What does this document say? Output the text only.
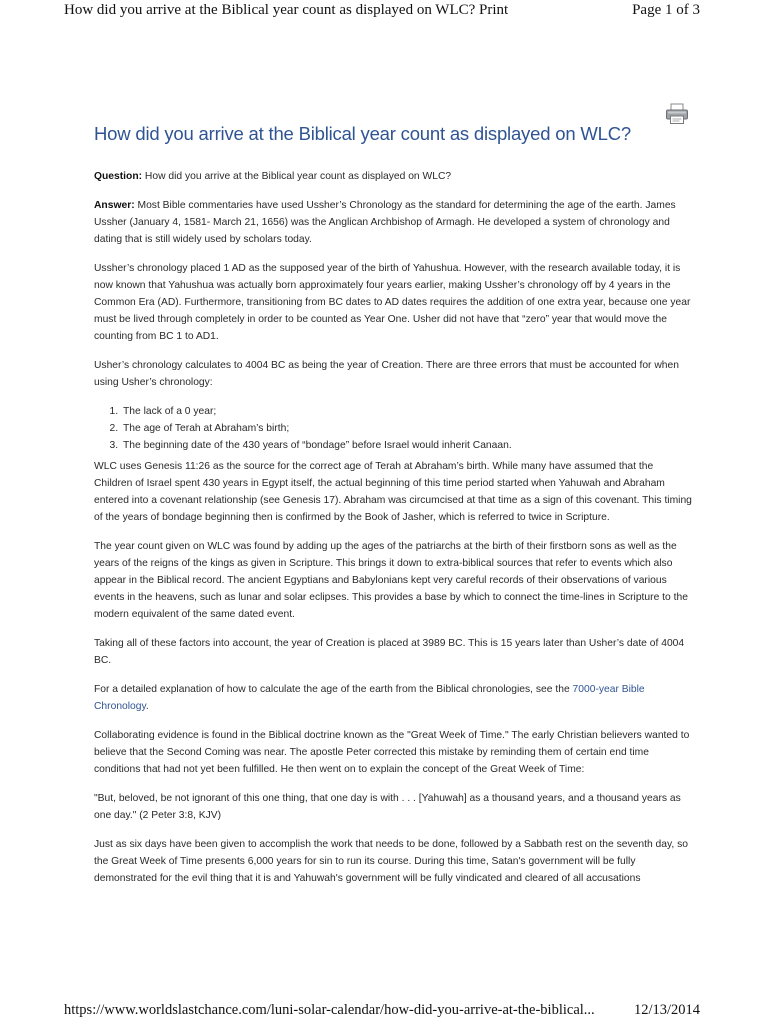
How did you arrive at the Biblical year count as displayed on WLC? Print	Page 1 of 3
How did you arrive at the Biblical year count as displayed on WLC?

Question: How did you arrive at the Biblical year count as displayed on WLC?

Answer: Most Bible commentaries have used Ussher’s Chronology as the standard for determining the age of the earth. James Ussher (January 4, 1581- March 21, 1656) was the Anglican Archbishop of Armagh. He developed a system of chronology and dating that is still widely used by scholars today.

Ussher’s chronology placed 1 AD as the supposed year of the birth of Yahushua. However, with the research available today, it is now known that Yahushua was actually born approximately four years earlier, making Ussher’s chronology off by 4 years in the Common Era (AD). Furthermore, transitioning from BC dates to AD dates requires the addition of one extra year, because one year must be lived through completely in order to be counted as Year One. Usher did not have that “zero” year that would move the counting from BC 1 to AD1.

Usher’s chronology calculates to 4004 BC as being the year of Creation. There are three errors that must be accounted for when using Usher’s chronology:

1. The lack of a 0 year;
2. The age of Terah at Abraham’s birth;
3. The beginning date of the 430 years of “bondage” before Israel would inherit Canaan.

WLC uses Genesis 11:26 as the source for the correct age of Terah at Abraham’s birth. While many have assumed that the Children of Israel spent 430 years in Egypt itself, the actual beginning of this time period started when Yahuwah and Abraham entered into a covenant relationship (see Genesis 17). Abraham was circumcised at that time as a sign of this covenant. This timing of the years of bondage beginning then is confirmed by the Book of Jasher, which is referred to twice in Scripture.

The year count given on WLC was found by adding up the ages of the patriarchs at the birth of their firstborn sons as well as the years of the reigns of the kings as given in Scripture. This brings it down to extra-biblical sources that refer to events which also appear in the Biblical record. The ancient Egyptians and Babylonians kept very careful records of their observations of various events in the heavens, such as lunar and solar eclipses. This provides a base by which to connect the time-lines in Scripture to the modern equivalent of the same dated event.

Taking all of these factors into account, the year of Creation is placed at 3989 BC. This is 15 years later than Usher’s date of 4004 BC.

For a detailed explanation of how to calculate the age of the earth from the Biblical chronologies, see the 7000-year Bible Chronology.

Collaborating evidence is found in the Biblical doctrine known as the "Great Week of Time." The early Christian believers wanted to believe that the Second Coming was near. The apostle Peter corrected this mistake by reminding them of certain end time conditions that had not yet been fulfilled. He then went on to explain the concept of the Great Week of Time:

"But, beloved, be not ignorant of this one thing, that one day is with . . . [Yahuwah] as a thousand years, and a thousand years as one day." (2 Peter 3:8, KJV)

Just as six days have been given to accomplish the work that needs to be done, followed by a Sabbath rest on the seventh day, so the Great Week of Time presents 6,000 years for sin to run its course. During this time, Satan's government will be fully demonstrated for the evil thing that it is and Yahuwah's government will be fully vindicated and cleared of all accusations

https://www.worldslastchance.com/luni-solar-calendar/how-did-you-arrive-at-the-biblical...	12/13/2014
